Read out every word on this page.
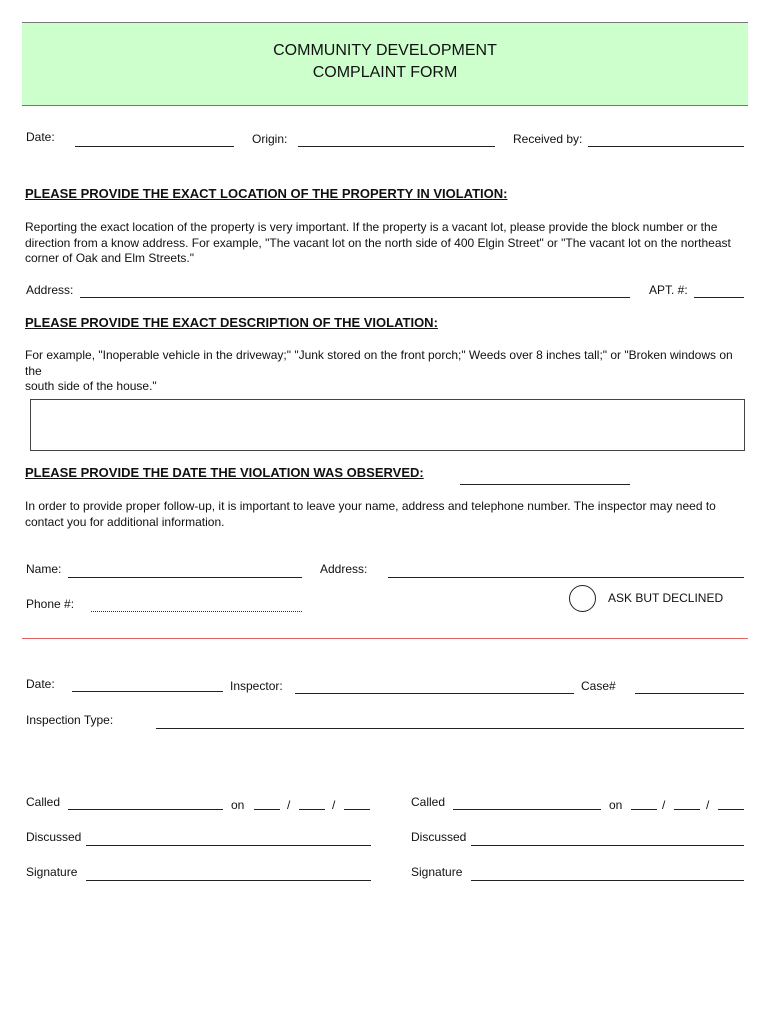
COMMUNITY DEVELOPMENT
COMPLAINT FORM
Date:	Origin:	Received by:
PLEASE PROVIDE THE EXACT LOCATION OF THE PROPERTY IN VIOLATION:
Reporting the exact location of the property is very important. If the property is a vacant lot, please provide the block number or the
direction from a know address. For example, "The vacant lot on the north side of 400 Elgin Street" or "The vacant lot on the northeast
corner of Oak and Elm Streets."
Address:	APT. #:
PLEASE PROVIDE THE EXACT DESCRIPTION OF THE VIOLATION:
For example, "Inoperable vehicle in the driveway;" "Junk stored on the front porch;" Weeds over 8 inches tall;" or "Broken windows on the
south side of the house."
PLEASE PROVIDE THE DATE THE VIOLATION WAS OBSERVED:
In order to provide proper follow-up, it is important to leave your name, address and telephone number. The inspector may need to
contact you for additional information.
Name:	Address:
Phone #:	ASK BUT DECLINED
Date:	Inspector:	Case#
Inspection Type:
Called	on	/	/
Discussed
Signature
Called	on	/	/
Discussed
Signature
